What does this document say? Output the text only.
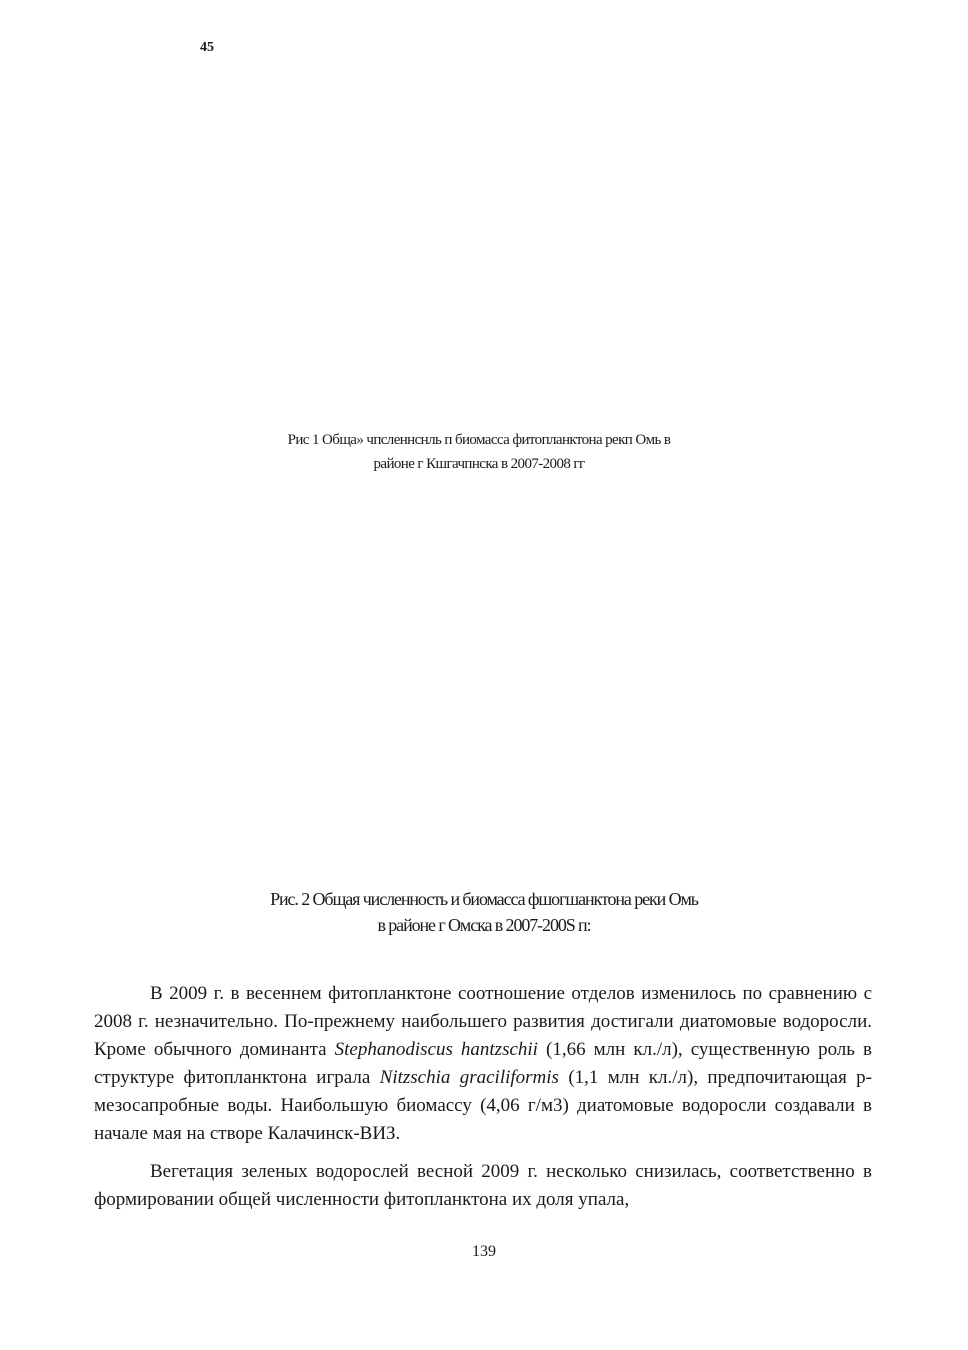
45
Рис 1 Обща» чпсленнснль п биомасса фитопланктона рекп Омь в
районе г Кшгачпнска в 2007-2008 гг
Рис. 2 Общая численность и биомасса фшогшанктона реки Омь
в районе г Омска в 2007-200S п:

В 2009 г. в весеннем фитопланктоне соотношение отделов изменилось по сравнению с 2008 г. незначительно. По-прежнему наибольшего развития достигали диатомовые водоросли. Кроме обычного доминанта Stephanodiscus hantzschii (1,66 млн кл./л), существенную роль в структуре фитопланктона играла Nitzschia graciliformis (1,1 млн кл./л), предпочитающая р-мезосапробные воды. Наибольшую биомассу (4,06 г/м3) диатомовые водоросли создавали в начале мая на створе Калачинск-ВИЗ.

Вегетация зеленых водорослей весной 2009 г. несколько снизилась, соответственно в формировании общей численности фитопланктона их доля упала,

139
